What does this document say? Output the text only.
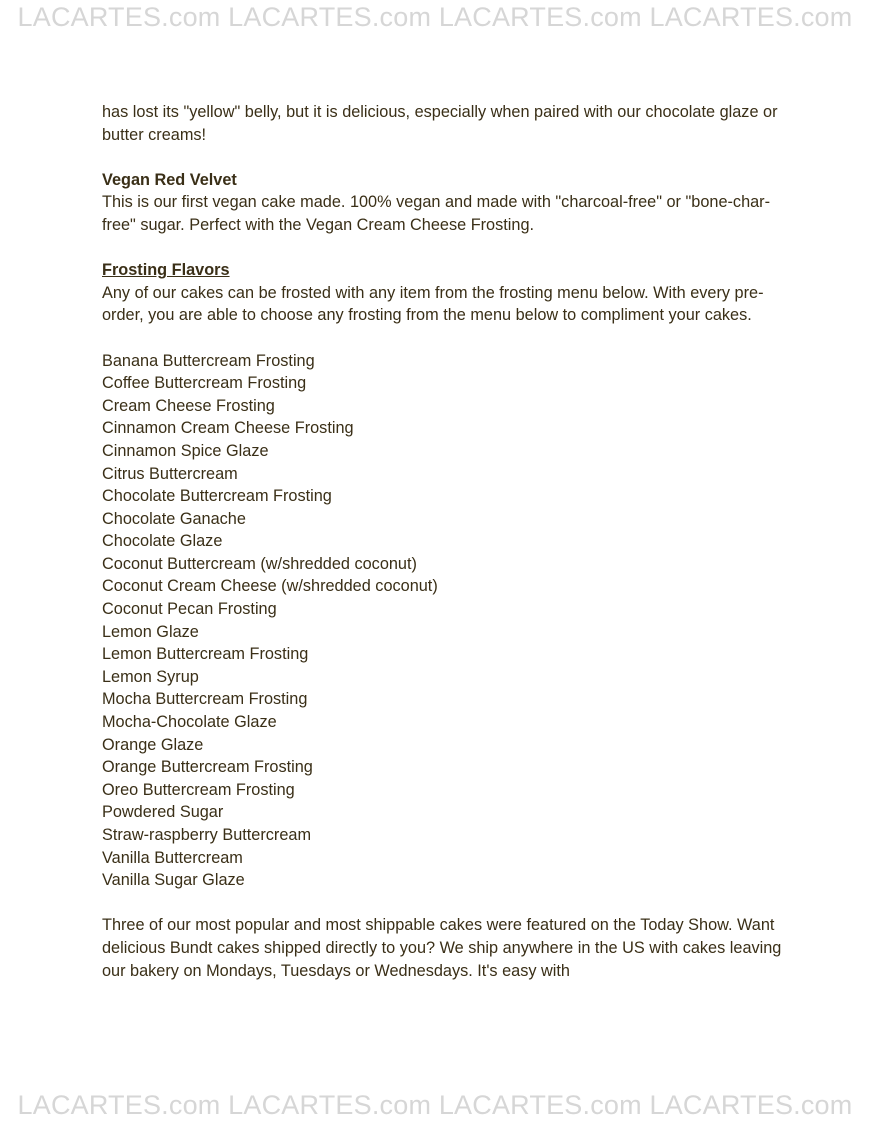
LACARTES.com LACARTES.com LACARTES.com LACARTES.com

has lost its "yellow" belly, but it is delicious, especially when paired with our chocolate glaze or butter creams!

Vegan Red Velvet

This is our first vegan cake made. 100% vegan and made with "charcoal-free" or "bone-char-free" sugar. Perfect with the Vegan Cream Cheese Frosting.

Frosting Flavors

Any of our cakes can be frosted with any item from the frosting menu below. With every pre-order, you are able to choose any frosting from the menu below to compliment your cakes.

Banana Buttercream Frosting
Coffee Buttercream Frosting
Cream Cheese Frosting
Cinnamon Cream Cheese Frosting
Cinnamon Spice Glaze
Citrus Buttercream
Chocolate Buttercream Frosting
Chocolate Ganache
Chocolate Glaze
Coconut Buttercream (w/shredded coconut)
Coconut Cream Cheese (w/shredded coconut)
Coconut Pecan Frosting
Lemon Glaze
Lemon Buttercream Frosting
Lemon Syrup
Mocha Buttercream Frosting
Mocha-Chocolate Glaze
Orange Glaze
Orange Buttercream Frosting
Oreo Buttercream Frosting
Powdered Sugar
Straw-raspberry Buttercream
Vanilla Buttercream
Vanilla Sugar Glaze

Three of our most popular and most shippable cakes were featured on the Today Show. Want delicious Bundt cakes shipped directly to you? We ship anywhere in the US with cakes leaving our bakery on Mondays, Tuesdays or Wednesdays. It's easy with

LACARTES.com LACARTES.com LACARTES.com LACARTES.com
